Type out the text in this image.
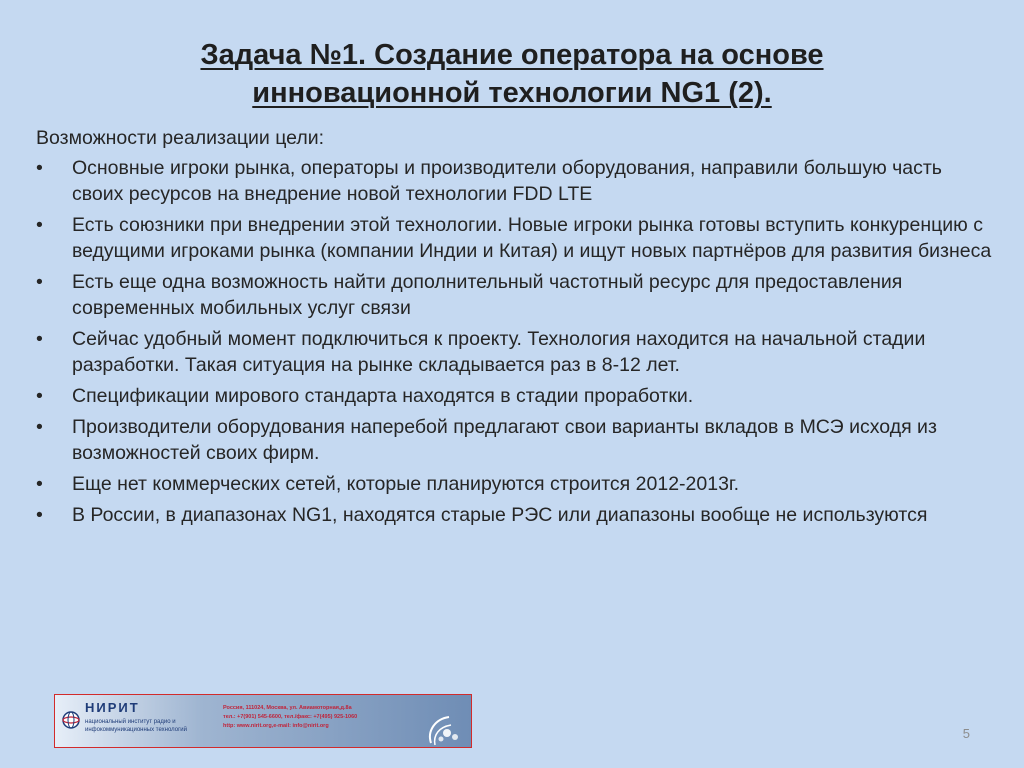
Задача №1. Создание оператора на основе
инновационной технологии NG1 (2).

Возможности реализации цели:

• Основные игроки рынка, операторы и производители оборудования, направили большую часть своих ресурсов на внедрение новой технологии FDD LTE
• Есть союзники при внедрении этой технологии. Новые игроки рынка готовы вступить конкуренцию с ведущими игроками рынка (компании Индии и Китая) и ищут новых партнёров для развития бизнеса
• Есть еще одна возможность найти дополнительный частотный ресурс для предоставления современных мобильных услуг связи
• Сейчас удобный момент подключиться к проекту. Технология находится на начальной стадии разработки. Такая ситуация на рынке складывается раз в 8-12 лет.
• Спецификации мирового стандарта находятся в стадии проработки.
• Производители оборудования наперебой предлагают свои варианты вкладов в МСЭ исходя из возможностей своих фирм.
• Еще нет коммерческих сетей, которые планируются строится 2012-2013г.
• В России, в диапазонах NG1, находятся старые РЭС или диапазоны вообще не используются
НИРИТ
национальный институт радио и инфокоммуникационных технологий
Россия, 111024, Москва, ул. Авиамоторная,д.8а
тел.: +7(901) 545-6600, тел./факс: +7(495) 925-1060
http: www.nirit.org,e-mail: info@nirit.org	5
